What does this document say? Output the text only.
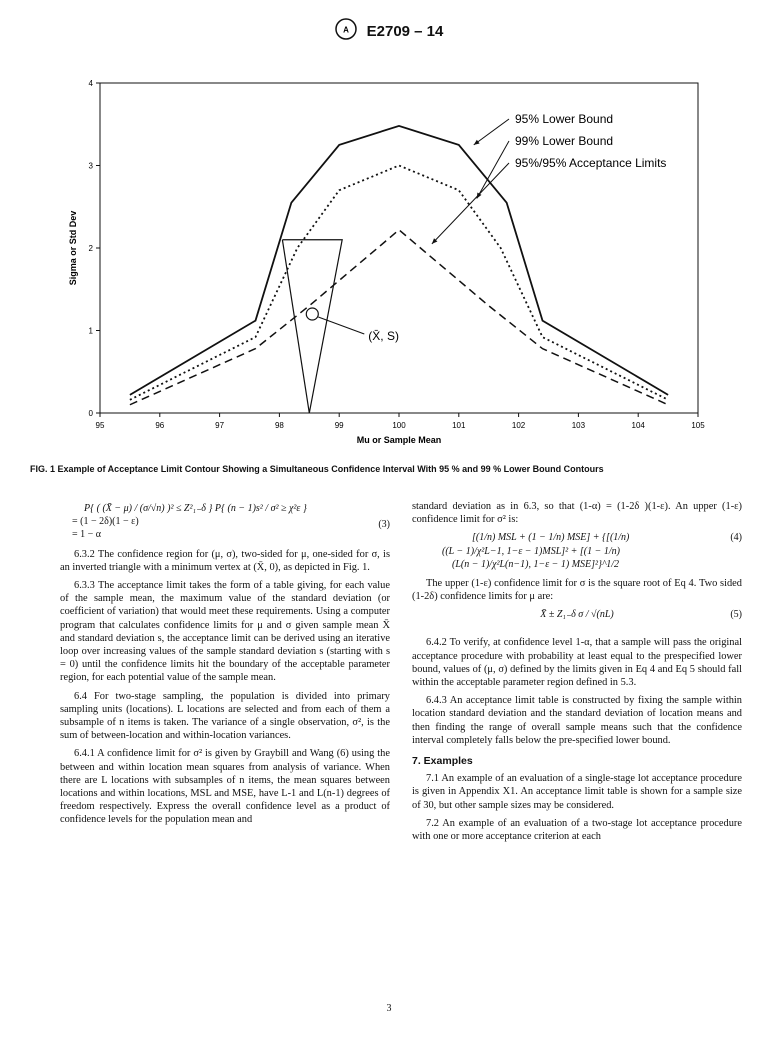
A E2709 – 14
95	96	97	98	99	100	101	102	103	104	105
0
1
2
3
4
Mu or Sample Mean
Sigma or Std Dev
(X̄, S)
95% Lower Bound
99% Lower Bound
95%/95% Acceptance Limits
FIG. 1 Example of Acceptance Limit Contour Showing a Simultaneous Confidence Interval With 95 % and 99 % Lower Bound Contours
P{ ( (X̄ − μ) / (σ/√n) )² ≤ Z²₁₋δ } P{ (n − 1)s² / σ² ≥ χ²ε }
(3)
= (1 − 2δ)(1 − ε)
= 1 − α

6.3.2 The confidence region for (μ, σ), two-sided for μ, one-sided for σ, is an inverted triangle with a minimum vertex at (X̄, 0), as depicted in Fig. 1.

6.3.3 The acceptance limit takes the form of a table giving, for each value of the sample mean, the maximum value of the standard deviation (or coefficient of variation) that would meet these requirements. Using a computer program that calculates confidence limits for μ and σ given sample mean X̄ and standard deviation s, the acceptance limit can be derived using an iterative loop over increasing values of the sample standard deviation s (starting with s = 0) until the confidence limits hit the boundary of the acceptable parameter region, for each potential value of the sample mean.

6.4 For two-stage sampling, the population is divided into primary sampling units (locations). L locations are selected and from each of them a subsample of n items is taken. The variance of a single observation, σ², is the sum of between-location and within-location variances.

6.4.1 A confidence limit for σ² is given by Graybill and Wang (6) using the between and within location mean squares from analysis of variance. When there are L locations with subsamples of n items, the mean squares between locations and within locations, MSL and MSE, have L-1 and L(n-1) degrees of freedom respectively. Express the overall confidence level as a product of confidence levels for the population mean and

standard deviation as in 6.3, so that (1-α) = (1-2δ )(1-ε). An upper (1-ε) confidence limit for σ² is:

[(1/n) MSL + (1 − 1/n) MSE] + {[(1/n)	(4)
((L − 1)/χ²L−1, 1−ε − 1)MSL]² + [(1 − 1/n)
(L(n − 1)/χ²L(n−1), 1−ε − 1) MSE]²}^1/2

The upper (1-ε) confidence limit for σ is the square root of Eq 4. Two sided (1-2δ) confidence limits for μ are:

X̄ ± Z₁₋δ σ / √(nL)	(5)

6.4.2 To verify, at confidence level 1-α, that a sample will pass the original acceptance procedure with probability at least equal to the prespecified lower bound, values of (μ, σ) defined by the limits given in Eq 4 and Eq 5 should fall within the acceptable parameter region defined in 5.3.

6.4.3 An acceptance limit table is constructed by fixing the sample within location standard deviation and the standard deviation of location means and then finding the range of overall sample means such that the confidence interval completely falls below the pre-specified lower bound.

7. Examples

7.1 An example of an evaluation of a single-stage lot acceptance procedure is given in Appendix X1. An acceptance limit table is shown for a sample size of 30, but other sample sizes may be considered.

7.2 An example of an evaluation of a two-stage lot acceptance procedure with one or more acceptance criterion at each

3
